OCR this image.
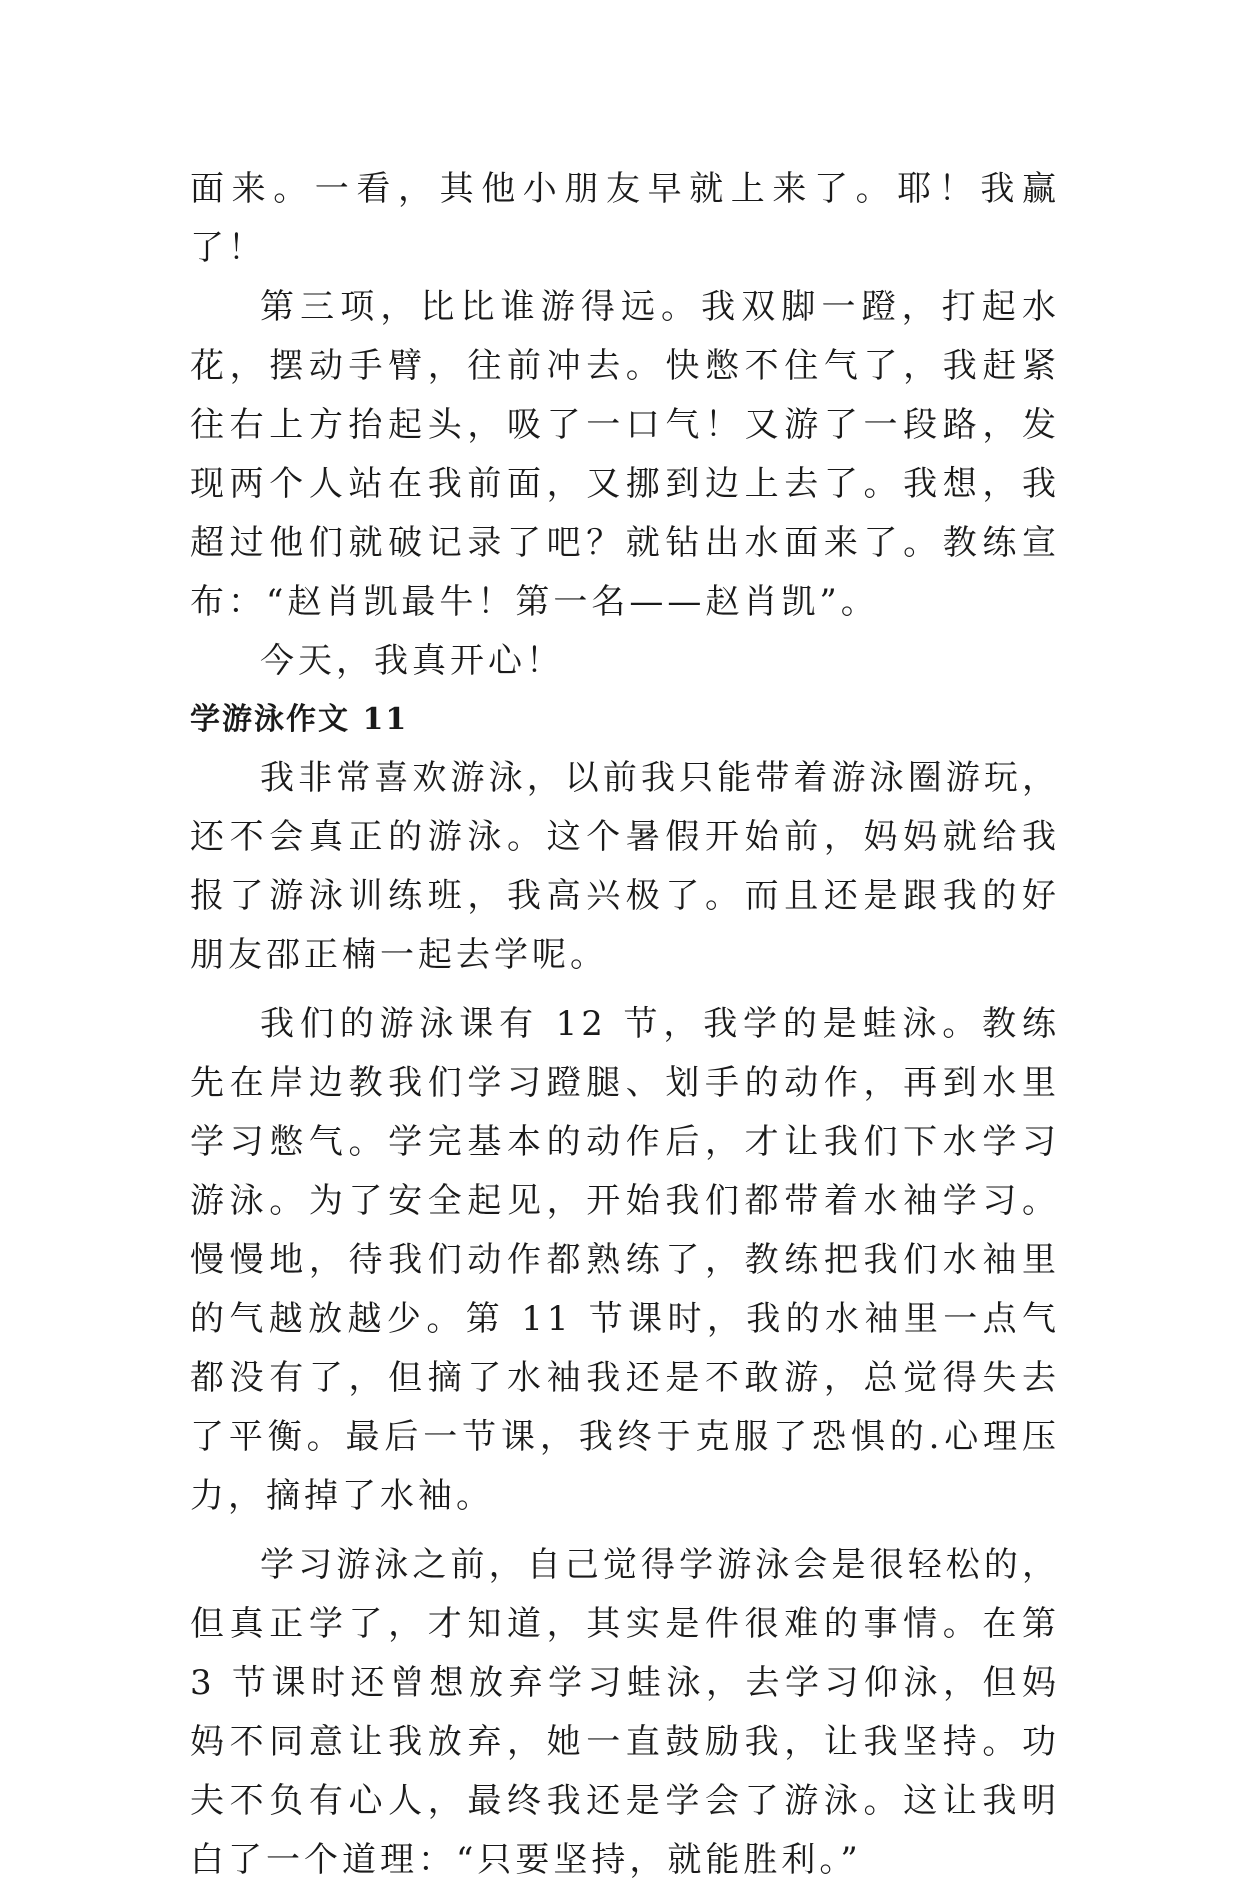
面来。一看，其他小朋友早就上来了。耶！我赢了！

第三项，比比谁游得远。我双脚一蹬，打起水花，摆动手臂，往前冲去。快憋不住气了，我赶紧往右上方抬起头，吸了一口气！又游了一段路，发现两个人站在我前面，又挪到边上去了。我想，我超过他们就破记录了吧？就钻出水面来了。教练宣布：“赵肖凯最牛！第一名——赵肖凯”。

今天，我真开心！

学游泳作文 11

我非常喜欢游泳，以前我只能带着游泳圈游玩，还不会真正的游泳。这个暑假开始前，妈妈就给我报了游泳训练班，我高兴极了。而且还是跟我的好朋友邵正楠一起去学呢。

我们的游泳课有 12 节，我学的是蛙泳。教练先在岸边教我们学习蹬腿、划手的动作，再到水里学习憋气。学完基本的动作后，才让我们下水学习游泳。为了安全起见，开始我们都带着水袖学习。慢慢地，待我们动作都熟练了，教练把我们水袖里的气越放越少。第 11 节课时，我的水袖里一点气都没有了，但摘了水袖我还是不敢游，总觉得失去了平衡。最后一节课，我终于克服了恐惧的.心理压力，摘掉了水袖。

学习游泳之前，自己觉得学游泳会是很轻松的，但真正学了，才知道，其实是件很难的事情。在第 3 节课时还曾想放弃学习蛙泳，去学习仰泳，但妈妈不同意让我放弃，她一直鼓励我，让我坚持。功夫不负有心人，最终我还是学会了游泳。这让我明白了一个道理：“只要坚持，就能胜利。”
